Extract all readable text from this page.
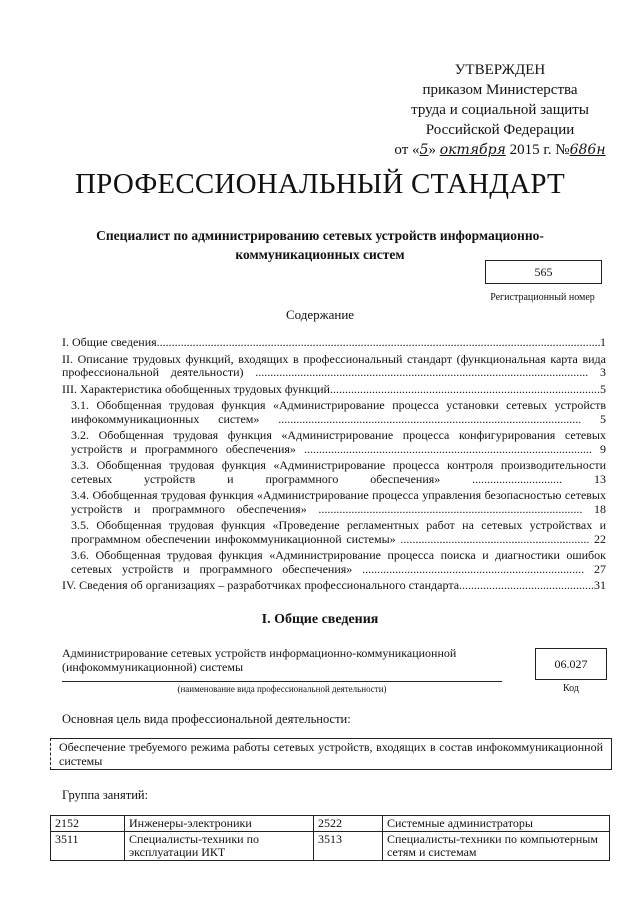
УТВЕРЖДЕН
приказом Министерства
труда и социальной защиты
Российской Федерации
от «5» октября 2015 г. №686н
ПРОФЕССИОНАЛЬНЫЙ СТАНДАРТ
Специалист по администрированию сетевых устройств информационно-
коммуникационных систем
565
Регистрационный номер
Содержание
I. Общие сведения .....	1
II. Описание трудовых функций, входящих в профессиональный стандарт (функциональная карта вида профессиональной деятельности) ............................................................................................................... 3
III. Характеристика обобщенных трудовых функций .....	5
3.1. Обобщенная трудовая функция «Администрирование процесса установки сетевых устройств инфокоммуникационных систем» ..................................................................................................... 5
3.2. Обобщенная трудовая функция «Администрирование процесса конфигурирования сетевых устройств и программного обеспечения» ................................................................................................ 9
3.3. Обобщенная трудовая функция «Администрирование процесса контроля производительности сетевых устройств и программного обеспечения» .............................. 13
3.4. Обобщенная трудовая функция «Администрирование процесса управления безопасностью сетевых устройств и программного обеспечения» ........................................................................................ 18
3.5. Обобщенная трудовая функция «Проведение регламентных работ на сетевых устройствах и программном обеспечении инфокоммуникационной системы» ............................................................... 22
3.6. Обобщенная трудовая функция «Администрирование процесса поиска и диагностики ошибок сетевых устройств и программного обеспечения» .......................................................................... 27
IV. Сведения об организациях – разработчиках профессионального стандарта .....	31
I. Общие сведения
Администрирование сетевых устройств информационно-коммуникационной
(инфокоммуникационной) системы
(наименование вида профессиональной деятельности)
06.027
Код
Основная цель вида профессиональной деятельности:
Обеспечение требуемого режима работы сетевых устройств, входящих в состав инфокоммуникационной системы
Группа занятий:
2152	Инженеры-электроники	2522	Системные администраторы
3511	Специалисты-техники по эксплуатации ИКТ	3513	Специалисты-техники по компьютерным сетям и системам
